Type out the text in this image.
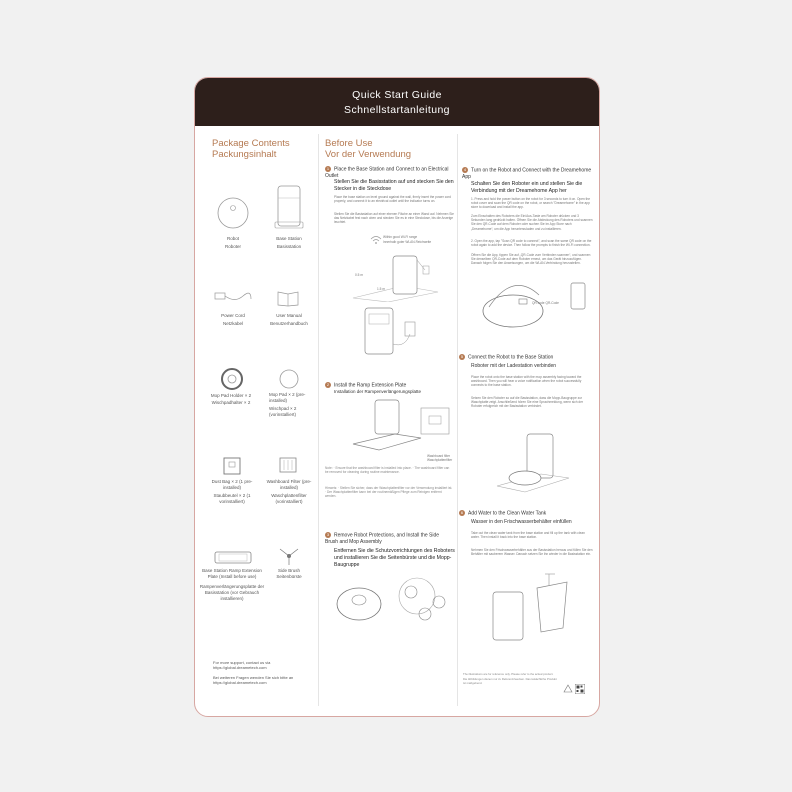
Quick Start Guide
Schnellstartanleitung
Package Contents
Packungsinhalt
Robot
Roboter
Base Station
Basisstation
Power Cord
Netzkabel
User Manual
Benutzerhandbuch
Mop Pad Holder × 2
Wischpadhalter × 2
Mop Pad × 2 (pre-installed)
Wischpad × 2 (vorinstalliert)
Dust Bag × 2 (1 pre-installed)
Staubbeutel × 2 (1 vorinstalliert)
Washboard Filter (pre-installed)
Waschplattenfilter (vorinstalliert)
Base Station Ramp Extension Plate (Install before use)
Rampenverlängerungsplatte der Basisstation (vor Gebrauch installieren)
Side Brush
Seitenbürste
For more support, contact us via https://global.dreametech.com
Bei weiteren Fragen wenden Sie sich bitte an https://global.dreametech.com
Before Use
Vor der Verwendung
1 Place the Base Station and Connect to an Electrical Outlet
Stellen Sie die Basisstation auf und stecken Sie den Stecker in die Steckdose
Place the base station on level ground against the wall, firmly insert the power cord properly, and connect it to an electrical outlet until the indicator turns on.
Stellen Sie die Basisstation auf einer ebenen Fläche an einer Wand auf. Nehmen Sie das Netzkabel fest nach oben und stecken Sie es in eine Steckdose, bis die Anzeige leuchtet.
Within good Wi-Fi range
Innerhalb guter WLAN-Reichweite
0.5 m
1.5 m
2 Install the Ramp Extension Plate
Installation der Rampenverlängerungsplatte
Washboard filter Waschplattenfilter
Note: · Ensure that the washboard filter is installed into place. · The washboard filter can be removed for cleaning during routine maintenance.
Hinweis: · Stellen Sie sicher, dass der Waschplattenfilter vor der Verwendung installiert ist. · Der Waschplattenfilter kann bei der routinemäßigen Pflege zum Reinigen entfernt werden.
3 Remove Robot Protections, and Install the Side Brush and Mop Assembly
Entfernen Sie die Schutzvorrichtungen des Roboters und installieren Sie die Seitenbürste und die Mopp-Baugruppe
4 Turn on the Robot and Connect with the Dreamehome App
Schalten Sie den Roboter ein und stellen Sie die Verbindung mit der Dreamehome App her
1. Press and hold the power button on the robot for 3 seconds to turn it on. Open the robot cover and scan the QR code on the robot, or search "Dreamehome" in the app store to download and install the app.
Zum Einschalten des Roboters die Ein/Aus-Taste am Roboter drücken und 3 Sekunden lang gedrückt halten. Öffnen Sie die Abdeckung des Roboters und scannen Sie den QR-Code auf dem Roboter oder suchen Sie im App Store nach „Dreamehome“, um die App herunterzuladen und zu installieren.
2. Open the app, tap "Scan QR code to connect", and scan the same QR code on the robot again to add the device. Then follow the prompts to finish the Wi-Fi connection.
Öffnen Sie die App, tippen Sie auf „QR-Code zum Verbinden scannen“, und scannen Sie denselben QR-Code auf dem Roboter erneut, um das Gerät hinzuzufügen. Danach folgen Sie den Anweisungen, um die WLAN-Verbindung herzustellen.
QR code QR-Code
5 Connect the Robot to the Base Station
Roboter mit der Ladestation verbinden
Place the robot onto the base station with the mop assembly facing toward the washboard. Then you will hear a voice notification when the robot successfully connects to the base station.
Setzen Sie den Roboter so auf die Basisstation, dass die Mopp-Baugruppe zur Waschplatte zeigt. Anschließend hören Sie eine Sprachmeldung, wenn sich der Roboter erfolgreich mit der Basisstation verbindet.
6 Add Water to the Clean Water Tank
Wasser in den Frischwasserbehälter einfüllen
Take out the clean water tank from the base station and fill up the tank with clean water. Then install it back into the base station.
Nehmen Sie den Frischwasserbehälter aus der Basisstation heraus und füllen Sie den Behälter mit sauberem Wasser. Danach setzen Sie ihn wieder in die Basisstation ein.
The illustrations are for reference only. Please refer to the actual product.
Die Abbildungen dienen nur zu Referenzzwecken. Das tatsächliche Produkt ist maßgebend.
